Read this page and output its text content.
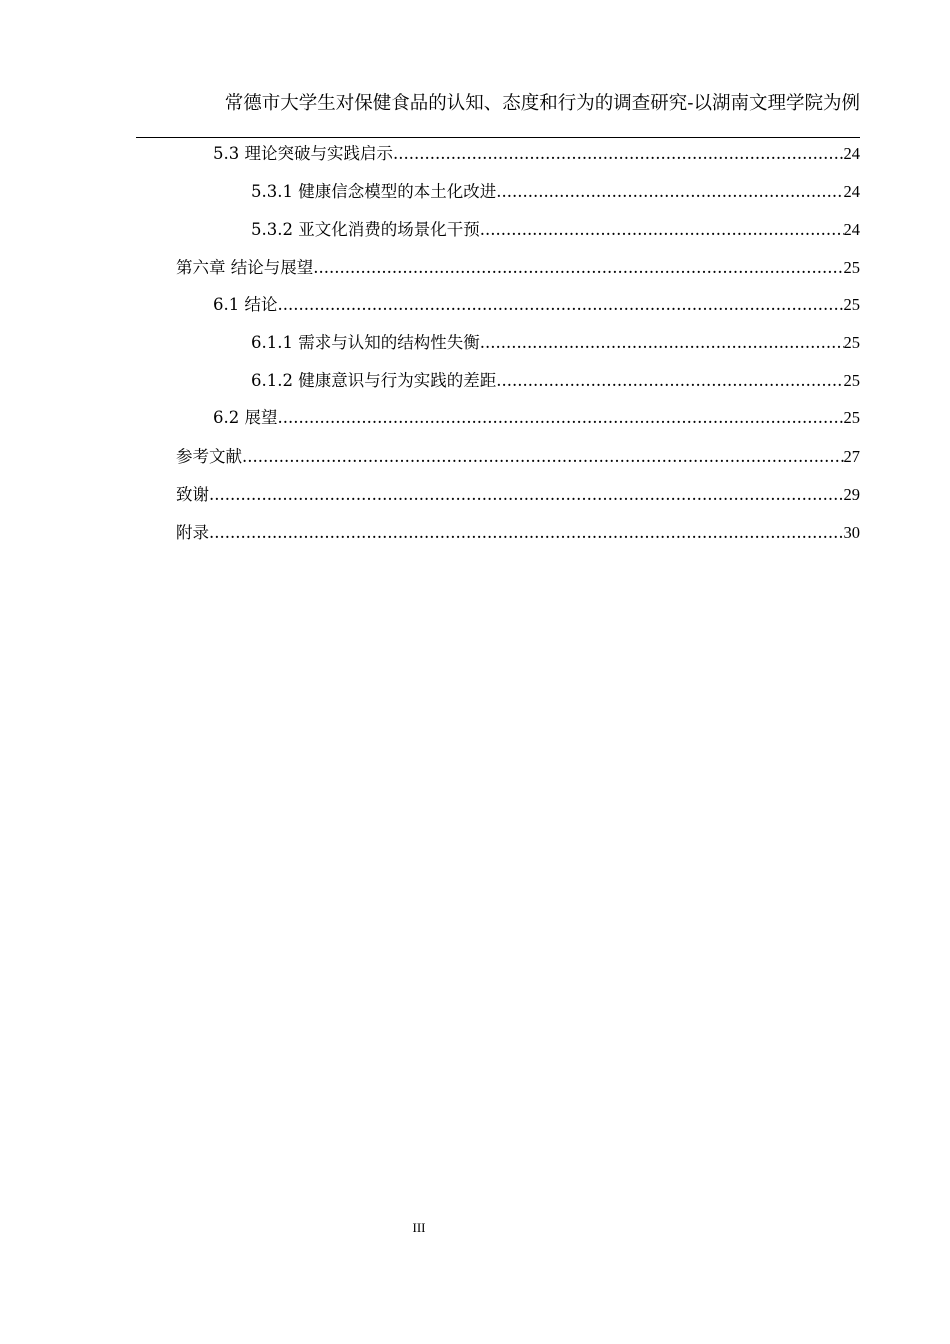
常德市大学生对保健食品的认知、态度和行为的调查研究-以湖南文理学院为例
5.3 理论突破与实践启示 .....	24
5.3.1 健康信念模型的本土化改进 .....	24
5.3.2 亚文化消费的场景化干预 .....	24
第六章 结论与展望 .....	25
6.1 结论 .....	25
6.1.1 需求与认知的结构性失衡 .....	25
6.1.2 健康意识与行为实践的差距 .....	25
6.2 展望 .....	25
参考文献 .....	27
致谢 .....	29
附录 .....	30
III
